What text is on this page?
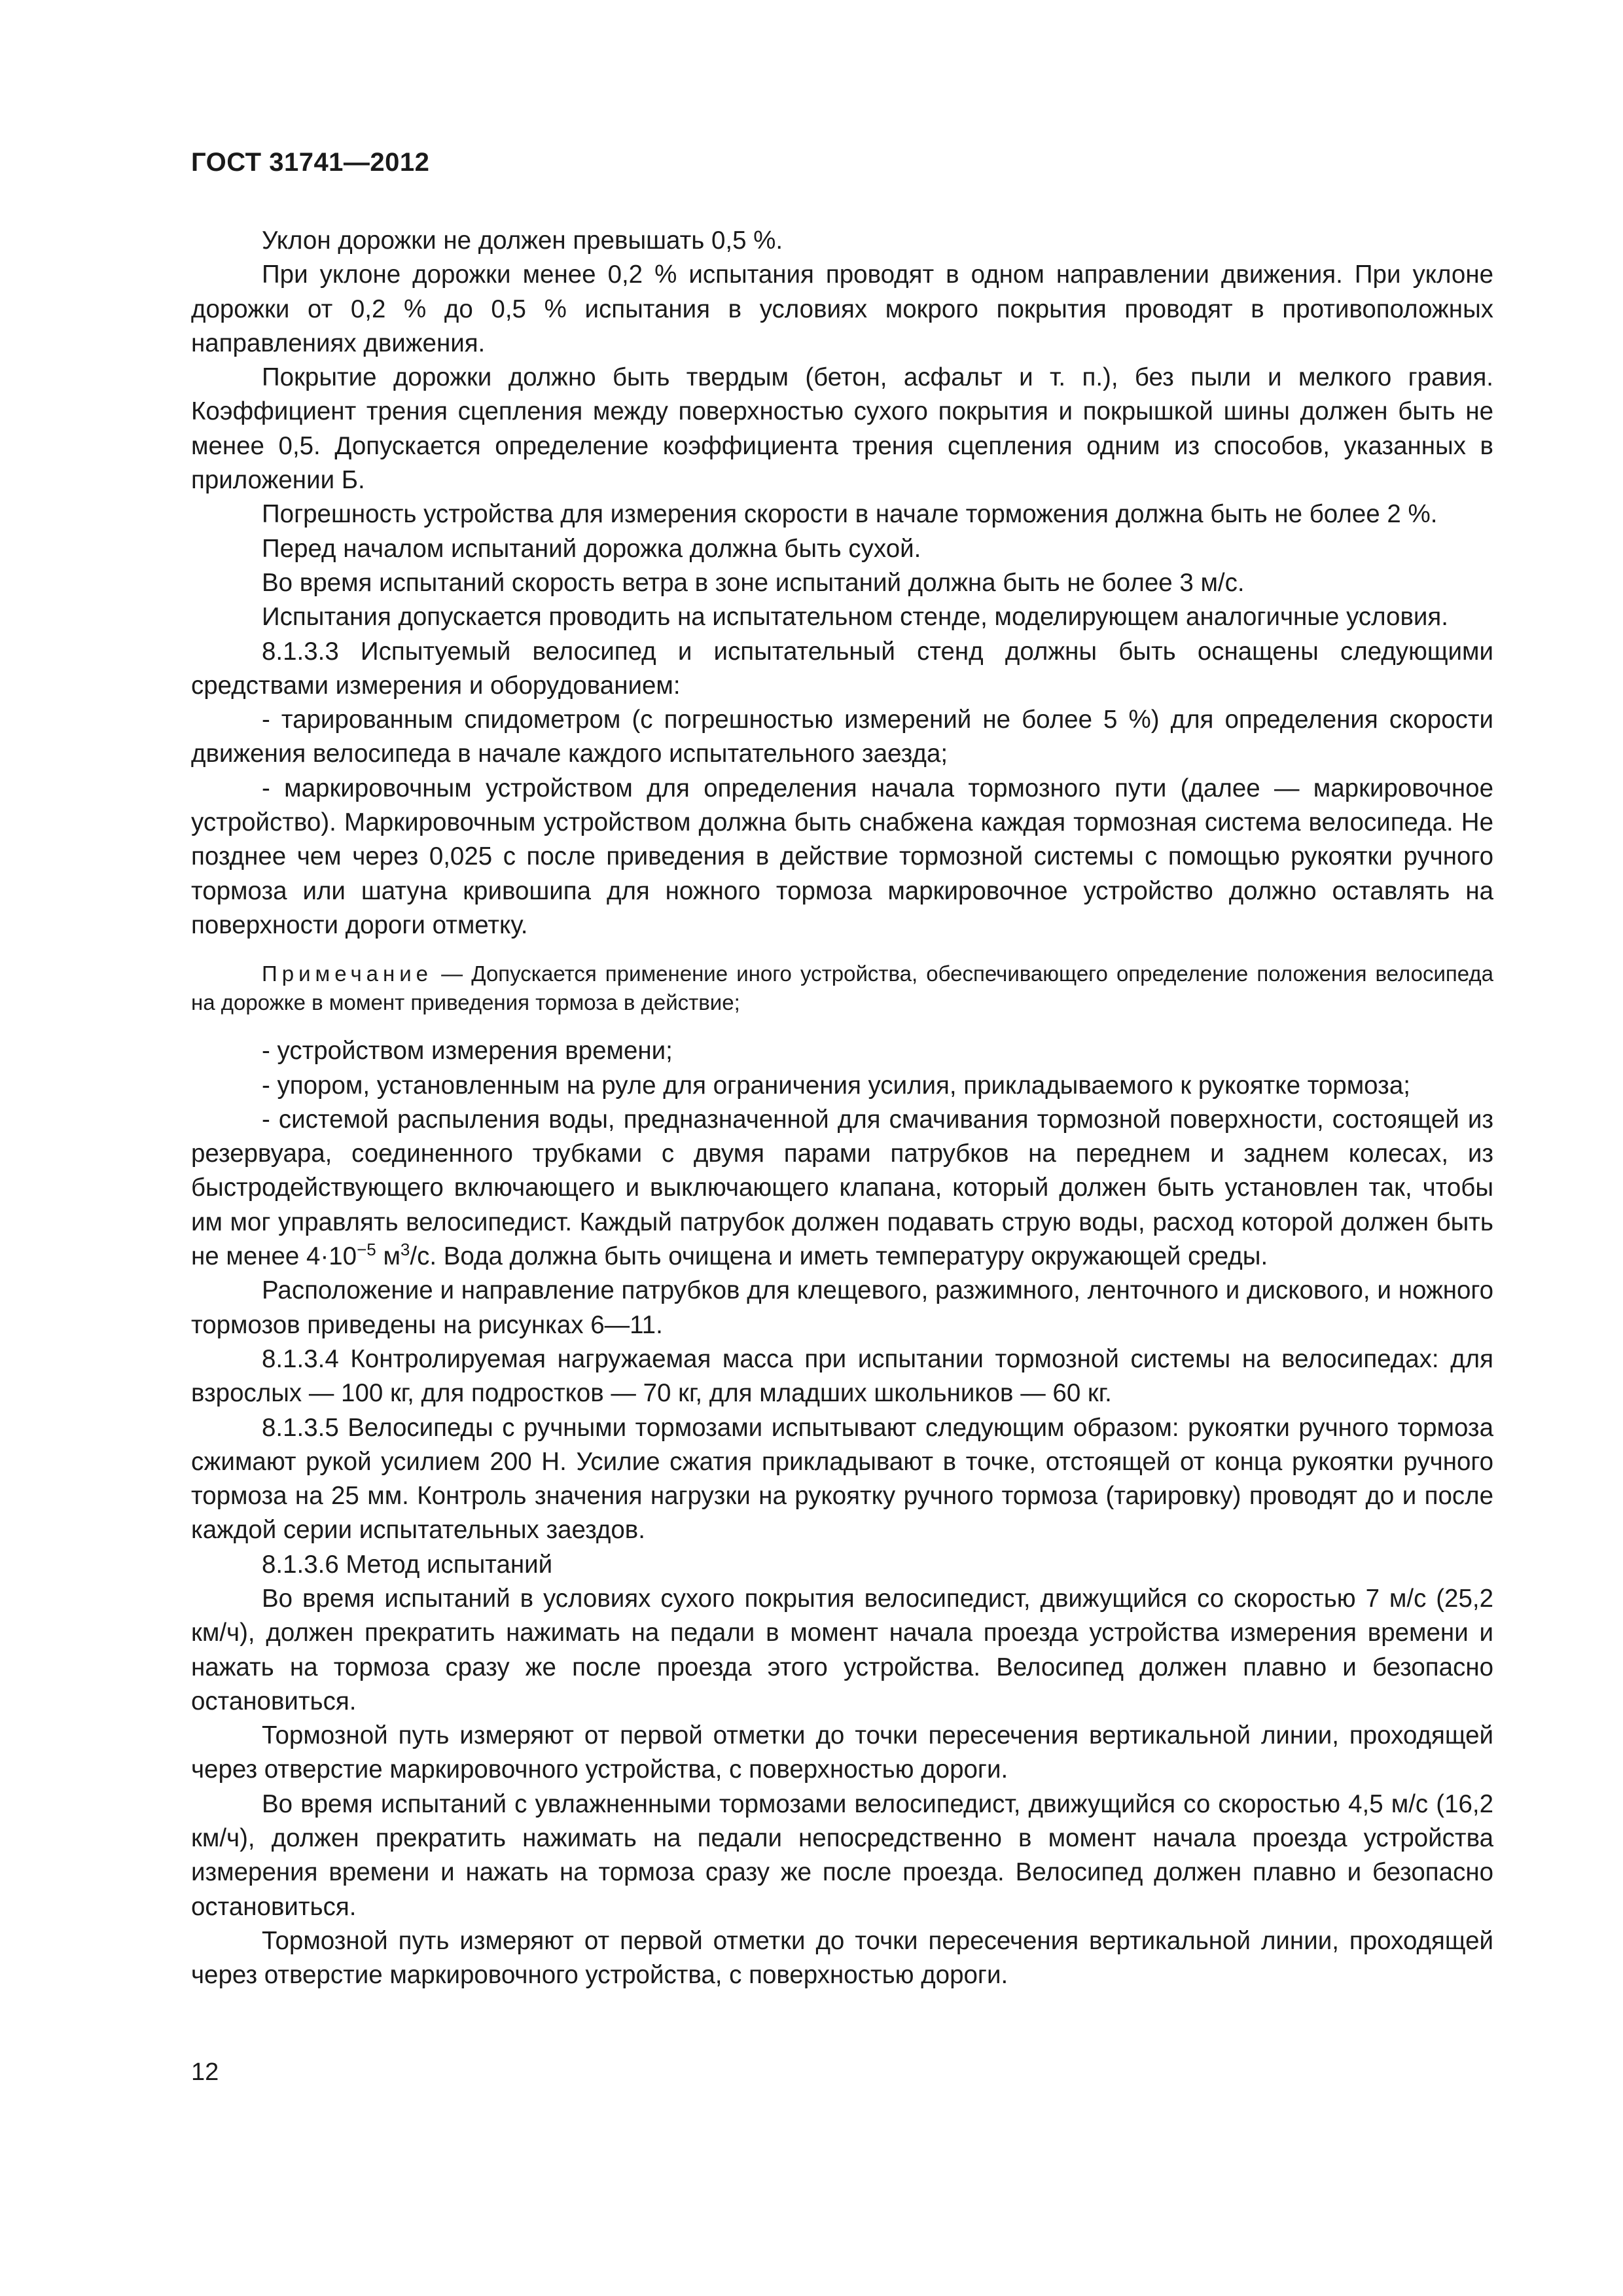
ГОСТ 31741—2012

Уклон дорожки не должен превышать 0,5 %.

При уклоне дорожки менее 0,2 % испытания проводят в одном направлении движения. При уклоне дорожки от 0,2 % до 0,5 % испытания в условиях мокрого покрытия проводят в противоположных направлениях движения.

Покрытие дорожки должно быть твердым (бетон, асфальт и т. п.), без пыли и мелкого гравия. Коэффициент трения сцепления между поверхностью сухого покрытия и покрышкой шины должен быть не менее 0,5. Допускается определение коэффициента трения сцепления одним из способов, указанных в приложении Б.

Погрешность устройства для измерения скорости в начале торможения должна быть не более 2 %.

Перед началом испытаний дорожка должна быть сухой.

Во время испытаний скорость ветра в зоне испытаний должна быть не более 3 м/с.

Испытания допускается проводить на испытательном стенде, моделирующем аналогичные условия.

8.1.3.3 Испытуемый велосипед и испытательный стенд должны быть оснащены следующими средствами измерения и оборудованием:

- тарированным спидометром (с погрешностью измерений не более 5 %) для определения скорости движения велосипеда в начале каждого испытательного заезда;

- маркировочным устройством для определения начала тормозного пути (далее — маркировочное устройство). Маркировочным устройством должна быть снабжена каждая тормозная система велосипеда. Не позднее чем через 0,025 с после приведения в действие тормозной системы с помощью рукоятки ручного тормоза или шатуна кривошипа для ножного тормоза маркировочное устройство должно оставлять на поверхности дороги отметку.

Примечание — Допускается применение иного устройства, обеспечивающего определение положения велосипеда на дорожке в момент приведения тормоза в действие;

- устройством измерения времени;

- упором, установленным на руле для ограничения усилия, прикладываемого к рукоятке тормоза;

- системой распыления воды, предназначенной для смачивания тормозной поверхности, состоящей из резервуара, соединенного трубками с двумя парами патрубков на переднем и заднем колесах, из быстродействующего включающего и выключающего клапана, который должен быть установлен так, чтобы им мог управлять велосипедист. Каждый патрубок должен подавать струю воды, расход которой должен быть не менее $4\cdot 10^{-5}$ $м^3/с$. Вода должна быть очищена и иметь температуру окружающей среды.

Расположение и направление патрубков для клещевого, разжимного, ленточного и дискового, и ножного тормозов приведены на рисунках 6—11.

8.1.3.4 Контролируемая нагружаемая масса при испытании тормозной системы на велосипедах: для взрослых — 100 кг, для подростков — 70 кг, для младших школьников — 60 кг.

8.1.3.5 Велосипеды с ручными тормозами испытывают следующим образом: рукоятки ручного тормоза сжимают рукой усилием 200 Н. Усилие сжатия прикладывают в точке, отстоящей от конца рукоятки ручного тормоза на 25 мм. Контроль значения нагрузки на рукоятку ручного тормоза (тарировку) проводят до и после каждой серии испытательных заездов.

8.1.3.6 Метод испытаний

Во время испытаний в условиях сухого покрытия велосипедист, движущийся со скоростью 7 м/с (25,2 км/ч), должен прекратить нажимать на педали в момент начала проезда устройства измерения времени и нажать на тормоза сразу же после проезда этого устройства. Велосипед должен плавно и безопасно остановиться.

Тормозной путь измеряют от первой отметки до точки пересечения вертикальной линии, проходящей через отверстие маркировочного устройства, с поверхностью дороги.

Во время испытаний с увлажненными тормозами велосипедист, движущийся со скоростью 4,5 м/с (16,2 км/ч), должен прекратить нажимать на педали непосредственно в момент начала проезда устройства измерения времени и нажать на тормоза сразу же после проезда. Велосипед должен плавно и безопасно остановиться.

Тормозной путь измеряют от первой отметки до точки пересечения вертикальной линии, проходящей через отверстие маркировочного устройства, с поверхностью дороги.

12
